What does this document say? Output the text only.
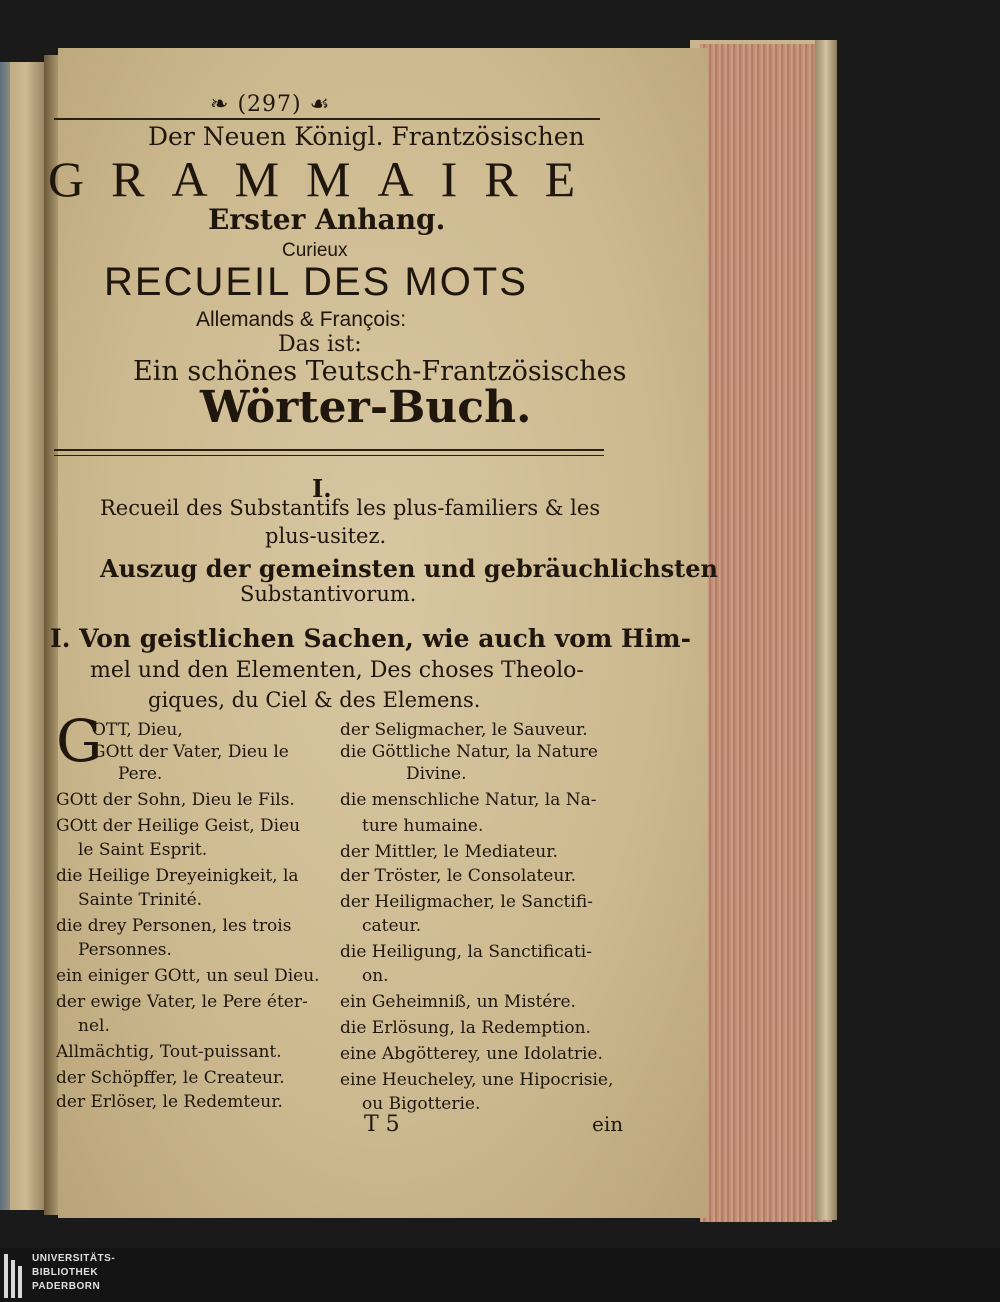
❧ (297) ☙
Der Neuen Königl. Frantzösischen
GRAMMAIRE
Erster Anhang.
Curieux
RECUEIL DES MOTS
Allemands & François:
Das ist:
Ein schönes Teutsch-Frantzösisches
Wörter-Buch.
I.
Recueil des Substantifs les plus-familiers & les
plus-usitez.
Auszug der gemeinsten und gebräuchlichsten
Substantivorum.
I. Von geistlichen Sachen, wie auch vom Him-
mel und den Elementen, Des choses Theolo-
giques, du Ciel & des Elemens.
G
OTT, Dieu,
GOtt der Vater, Dieu le
Pere.
GOtt der Sohn, Dieu le Fils.
GOtt der Heilige Geist, Dieu
le Saint Esprit.
die Heilige Dreyeinigkeit, la
Sainte Trinité.
die drey Personen, les trois
Personnes.
ein einiger GOtt, un seul Dieu.
der ewige Vater, le Pere éter-
nel.
Allmächtig, Tout-puissant.
der Schöpffer, le Createur.
der Erlöser, le Redemteur.
der Seligmacher, le Sauveur.
die Göttliche Natur, la Nature
Divine.
die menschliche Natur, la Na-
ture humaine.
der Mittler, le Mediateur.
der Tröster, le Consolateur.
der Heiligmacher, le Sanctifi-
cateur.
die Heiligung, la Sanctificati-
on.
ein Geheimniß, un Mistére.
die Erlösung, la Redemption.
eine Abgötterey, une Idolatrie.
eine Heucheley, une Hipocrisie,
ou Bigotterie.
T 5	ein
UNIVERSITÄTS-
BIBLIOTHEK
PADERBORN
